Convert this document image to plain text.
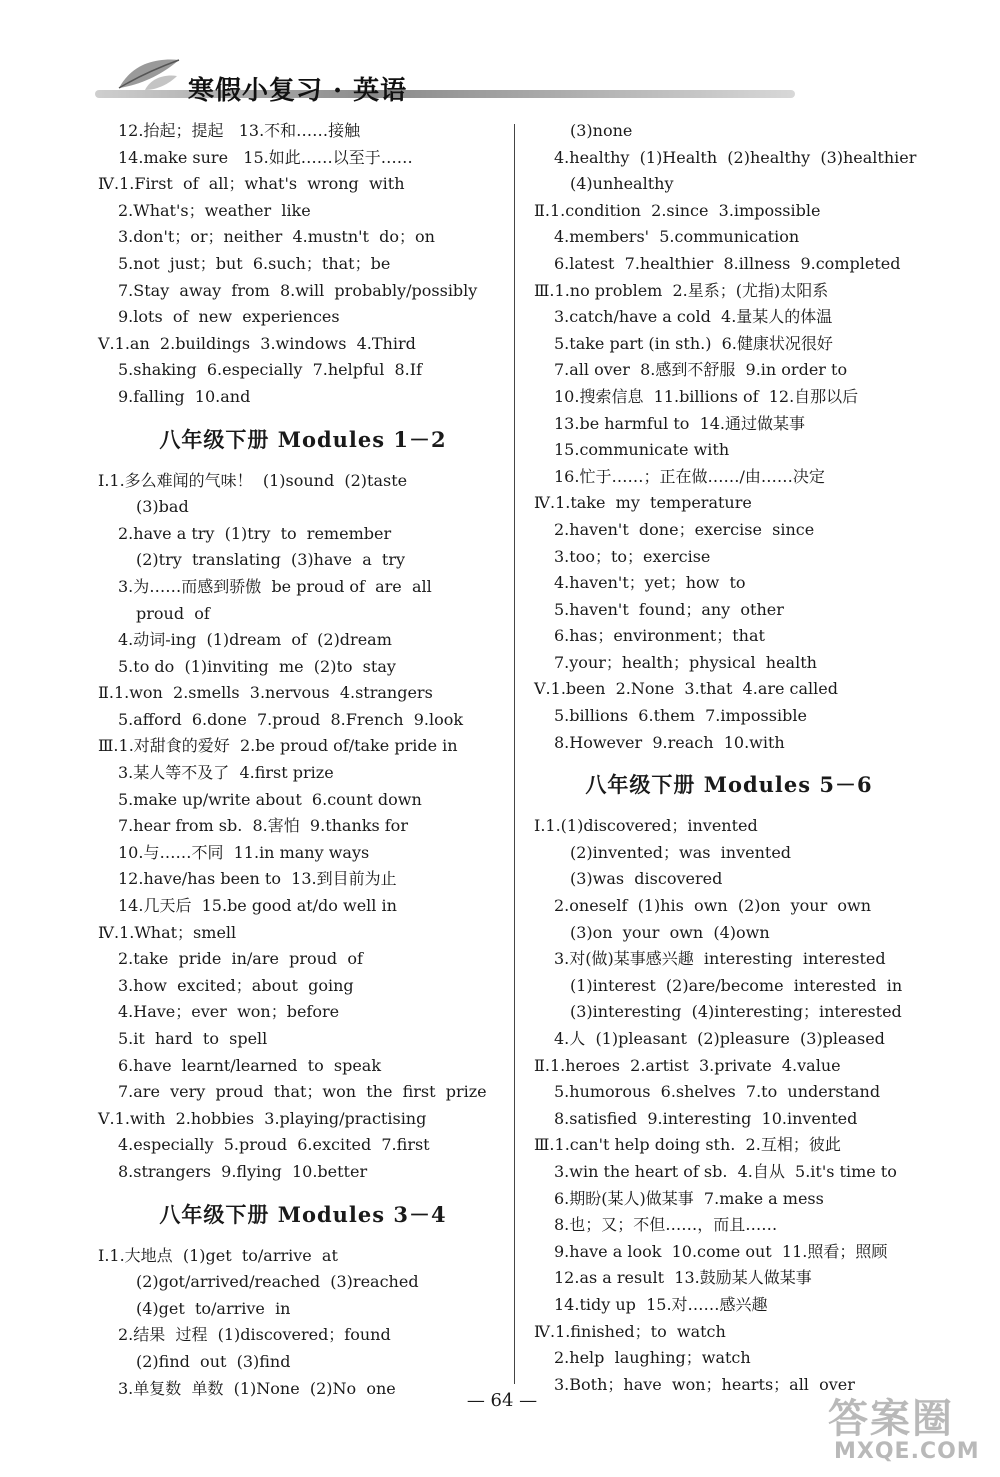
寒假小复习 · 英语
12.抬起；提起   13.不和……接触
14.make sure   15.如此……以至于……
Ⅳ.1.First  of  all；what's  wrong  with
2.What's；weather  like
3.don't；or；neither  4.mustn't  do；on
5.not  just；but  6.such；that；be
7.Stay  away  from  8.will  probably/possibly
9.lots  of  new  experiences
Ⅴ.1.an  2.buildings  3.windows  4.Third
5.shaking  6.especially  7.helpful  8.If
9.falling  10.and
八年级下册 Modules 1－2
Ⅰ.1.多么难闻的气味！  (1)sound  (2)taste
(3)bad
2.have a try  (1)try  to  remember
(2)try  translating  (3)have  a  try
3.为……而感到骄傲  be proud of  are  all
proud  of
4.动词-ing  (1)dream  of  (2)dream
5.to do  (1)inviting  me  (2)to  stay
Ⅱ.1.won  2.smells  3.nervous  4.strangers
5.afford  6.done  7.proud  8.French  9.look
Ⅲ.1.对甜食的爱好  2.be proud of/take pride in
3.某人等不及了  4.first prize
5.make up/write about  6.count down
7.hear from sb.  8.害怕  9.thanks for
10.与……不同  11.in many ways
12.have/has been to  13.到目前为止
14.几天后  15.be good at/do well in
Ⅳ.1.What；smell
2.take  pride  in/are  proud  of
3.how  excited；about  going
4.Have；ever  won；before
5.it  hard  to  spell
6.have  learnt/learned  to  speak
7.are  very  proud  that；won  the  first  prize
Ⅴ.1.with  2.hobbies  3.playing/practising
4.especially  5.proud  6.excited  7.first
8.strangers  9.flying  10.better
八年级下册 Modules 3－4
Ⅰ.1.大地点  (1)get  to/arrive  at
(2)got/arrived/reached  (3)reached
(4)get  to/arrive  in
2.结果  过程  (1)discovered；found
(2)find  out  (3)find
3.单复数  单数  (1)None  (2)No  one
(3)none
4.healthy  (1)Health  (2)healthy  (3)healthier
(4)unhealthy
Ⅱ.1.condition  2.since  3.impossible
4.members'  5.communication
6.latest  7.healthier  8.illness  9.completed
Ⅲ.1.no problem  2.星系；(尤指)太阳系
3.catch/have a cold  4.量某人的体温
5.take part (in sth.)  6.健康状况很好
7.all over  8.感到不舒服  9.in order to
10.搜索信息  11.billions of  12.自那以后
13.be harmful to  14.通过做某事
15.communicate with
16.忙于……；正在做……/由……决定
Ⅳ.1.take  my  temperature
2.haven't  done；exercise  since
3.too；to；exercise
4.haven't；yet；how  to
5.haven't  found；any  other
6.has；environment；that
7.your；health；physical  health
Ⅴ.1.been  2.None  3.that  4.are called
5.billions  6.them  7.impossible
8.However  9.reach  10.with
八年级下册 Modules 5－6
Ⅰ.1.(1)discovered；invented
(2)invented；was  invented
(3)was  discovered
2.oneself  (1)his  own  (2)on  your  own
(3)on  your  own  (4)own
3.对(做)某事感兴趣  interesting  interested
(1)interest  (2)are/become  interested  in
(3)interesting  (4)interesting；interested
4.人  (1)pleasant  (2)pleasure  (3)pleased
Ⅱ.1.heroes  2.artist  3.private  4.value
5.humorous  6.shelves  7.to  understand
8.satisfied  9.interesting  10.invented
Ⅲ.1.can't help doing sth.  2.互相；彼此
3.win the heart of sb.  4.自从  5.it's time to
6.期盼(某人)做某事  7.make a mess
8.也；又；不但……，而且……
9.have a look  10.come out  11.照看；照顾
12.as a result  13.鼓励某人做某事
14.tidy up  15.对……感兴趣
Ⅳ.1.finished；to  watch
2.help  laughing；watch
3.Both；have  won；hearts；all  over
— 64 —	答案圈
MXQE.COM
